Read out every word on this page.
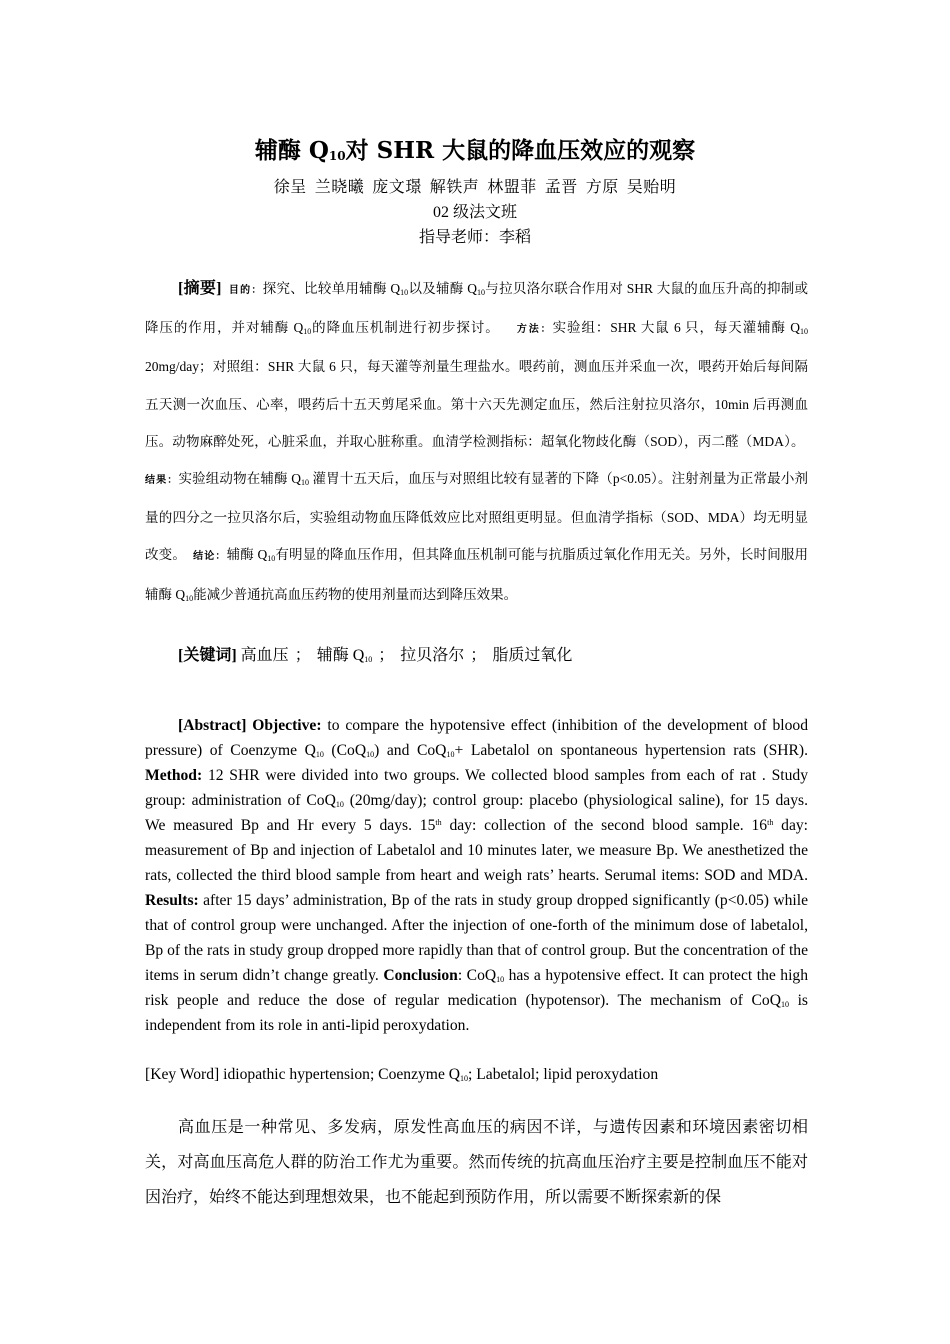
辅酶 $Q_{10}$对 SHR 大鼠的降血压效应的观察
徐呈 兰晓曦 庞文璟 解铁声 林盟菲 孟晋 方原 吴贻明
02 级法文班
指导老师：李稻

[摘要] 目的：探究、比较单用辅酶 $Q_{10}$以及辅酶 $Q_{10}$与拉贝洛尔联合作用对 SHR 大鼠的血压升高的抑制或降压的作用，并对辅酶 $Q_{10}$的降血压机制进行初步探讨。 方法：实验组：SHR 大鼠 6 只，每天灌辅酶 $Q_{10}$ 20mg/day；对照组：SHR 大鼠 6 只，每天灌等剂量生理盐水。喂药前，测血压并采血一次，喂药开始后每间隔五天测一次血压、心率，喂药后十五天剪尾采血。第十六天先测定血压，然后注射拉贝洛尔，10min 后再测血压。动物麻醉处死，心脏采血，并取心脏称重。血清学检测指标：超氧化物歧化酶（SOD），丙二醛（MDA）。  结果：实验组动物在辅酶 $Q_{10}$ 灌胃十五天后，血压与对照组比较有显著的下降（p<0.05）。注射剂量为正常最小剂量的四分之一拉贝洛尔后，实验组动物血压降低效应比对照组更明显。但血清学指标（SOD、MDA）均无明显改变。 结论：辅酶 $Q_{10}$有明显的降血压作用，但其降血压机制可能与抗脂质过氧化作用无关。另外，长时间服用辅酶 $Q_{10}$能减少普通抗高血压药物的使用剂量而达到降压效果。

[关键词] 高血压 ； 辅酶 $Q_{10}$ ； 拉贝洛尔 ； 脂质过氧化

[Abstract] Objective: to compare the hypotensive effect (inhibition of the development of blood pressure) of Coenzyme $Q_{10}$ (CoQ$_{10}$) and CoQ$_{10}$+ Labetalol on spontaneous hypertension rats (SHR). Method: 12 SHR were divided into two groups. We collected blood samples from each of rat . Study group: administration of CoQ$_{10}$ (20mg/day); control group: placebo (physiological saline), for 15 days. We measured Bp and Hr every 5 days. 15th day: collection of the second blood sample. 16th day: measurement of Bp and injection of Labetalol and 10 minutes later, we measure Bp. We anesthetized the rats, collected the third blood sample from heart and weigh rats’ hearts. Serumal items: SOD and MDA. Results: after 15 days’ administration, Bp of the rats in study group dropped significantly (p<0.05) while that of control group were unchanged. After the injection of one-forth of the minimum dose of labetalol, Bp of the rats in study group dropped more rapidly than that of control group. But the concentration of the items in serum didn’t change greatly. Conclusion: CoQ$_{10}$ has a hypotensive effect. It can protect the high risk people and reduce the dose of regular medication (hypotensor). The mechanism of CoQ$_{10}$ is independent from its role in anti-lipid peroxydation.

[Key Word] idiopathic hypertension; Coenzyme $Q_{10}$; Labetalol; lipid peroxydation

高血压是一种常见、多发病，原发性高血压的病因不详，与遗传因素和环境因素密切相关，对高血压高危人群的防治工作尤为重要。然而传统的抗高血压治疗主要是控制血压不能对因治疗，始终不能达到理想效果，也不能起到预防作用，所以需要不断探索新的保
